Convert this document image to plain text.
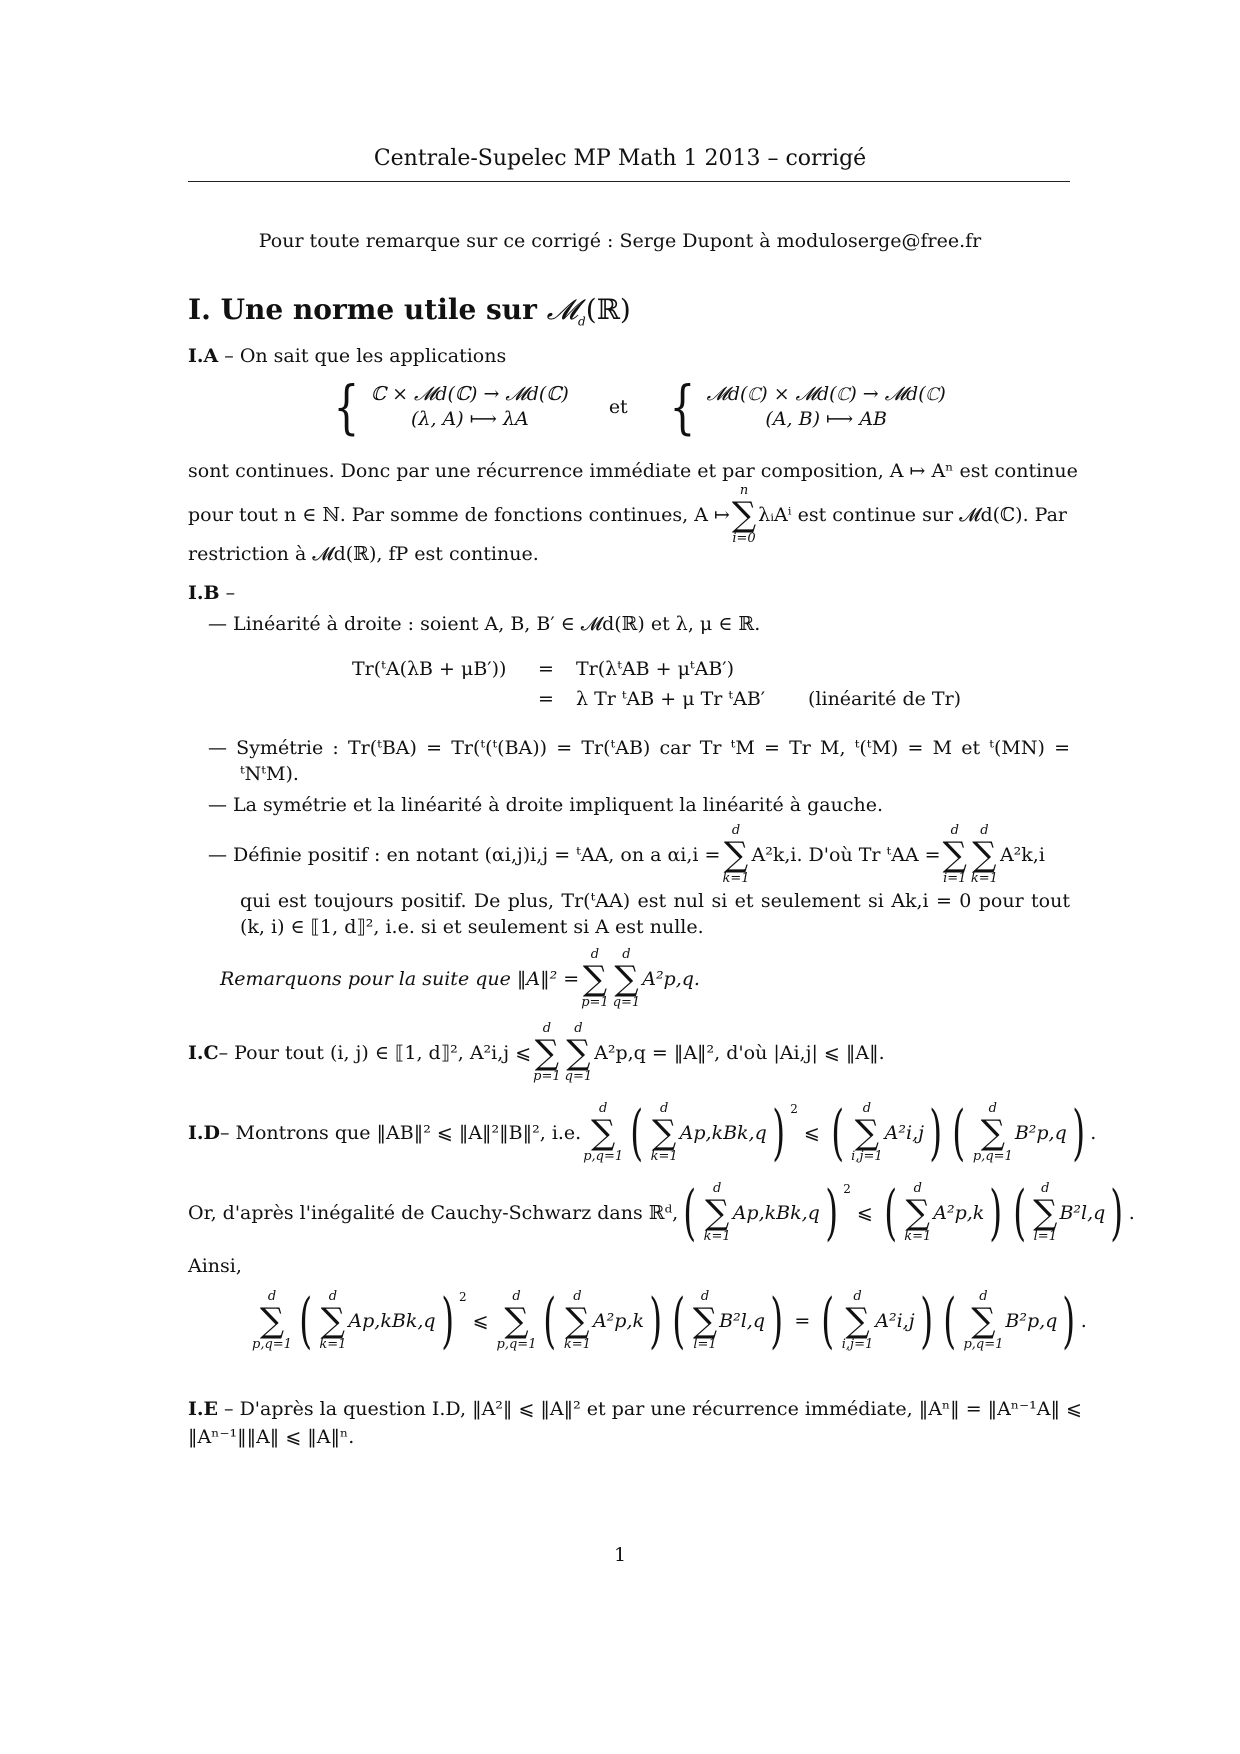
Centrale-Supelec MP Math 1 2013 – corrigé
Pour toute remarque sur ce corrigé : Serge Dupont à moduloserge@free.fr
I. Une norme utile sur 𝓜$_d$(ℝ)
I.A – On sait que les applications
{ ℂ × 𝓜d(ℂ) → 𝓜d(ℂ)
(λ, A) ⟼ λA
et { 𝓜d(ℂ) × 𝓜d(ℂ) → 𝓜d(ℂ)
(A, B) ⟼ AB
sont continues. Donc par une récurrence immédiate et par composition, A ↦ Aⁿ est continue
pour tout n ∈ ℕ. Par somme de fonctions continues, A ↦
n
∑
i=0
λᵢAⁱ est continue sur 𝓜d(ℂ). Par
restriction à 𝓜d(ℝ), fP est continue.
I.B –
— Linéarité à droite : soient A, B, B′ ∈ 𝓜d(ℝ) et λ, μ ∈ ℝ.
Tr(ᵗA(λB + μB′)) = Tr(λᵗAB + μᵗAB′)
= λ Tr ᵗAB + μ Tr ᵗAB′ (linéarité de Tr)
— Symétrie : Tr(ᵗBA) = Tr(ᵗ(ᵗ(BA)) = Tr(ᵗAB) car Tr ᵗM = Tr M, ᵗ(ᵗM) = M et ᵗ(MN) =
ᵗNᵗM).
— La symétrie et la linéarité à droite impliquent la linéarité à gauche.
— Définie positif : en notant (αi,j)i,j = ᵗAA, on a αi,i =
d
∑
k=1
A²k,i. D'où Tr ᵗAA =
d
∑
i=1
d
∑
k=1
A²k,i
qui est toujours positif. De plus, Tr(ᵗAA) est nul si et seulement si Ak,i = 0 pour tout
(k, i) ∈ ⟦1, d⟧², i.e. si et seulement si A est nulle.
Remarquons pour la suite que ‖A‖² =
d
∑
p=1
d
∑
q=1
A²p,q.
I.C – Pour tout (i, j) ∈ ⟦1, d⟧², A²i,j ⩽
d
∑
p=1
d
∑
q=1
A²p,q = ‖A‖², d'où |Ai,j| ⩽ ‖A‖.
I.D – Montrons que ‖AB‖² ⩽ ‖A‖²‖B‖², i.e.
d
∑
p,q=1 (	d
∑
k=1
Ap,kBk,q ) $^2$
⩽ (	d
∑
i,j=1
A²i,j ) (	d
∑
p,q=1
B²p,q ) .
Or, d'après l'inégalité de Cauchy-Schwarz dans ℝᵈ, (	d
∑
k=1
Ap,kBk,q ) $^2$
⩽ (	d
∑
k=1
A²p,k ) (	d
∑
l=1
B²l,q ) .
Ainsi,
d
∑
p,q=1 (	d
∑
k=1
Ap,kBk,q ) $^2$
⩽
d
∑
p,q=1 (	d
∑
k=1
A²p,k ) (	d
∑
l=1
B²l,q ) = (	d
∑
i,j=1
A²i,j ) (	d
∑
p,q=1
B²p,q ) .
I.E – D'après la question I.D, ‖A²‖ ⩽ ‖A‖² et par une récurrence immédiate, ‖Aⁿ‖ = ‖Aⁿ⁻¹A‖ ⩽
‖Aⁿ⁻¹‖‖A‖ ⩽ ‖A‖ⁿ.
1
